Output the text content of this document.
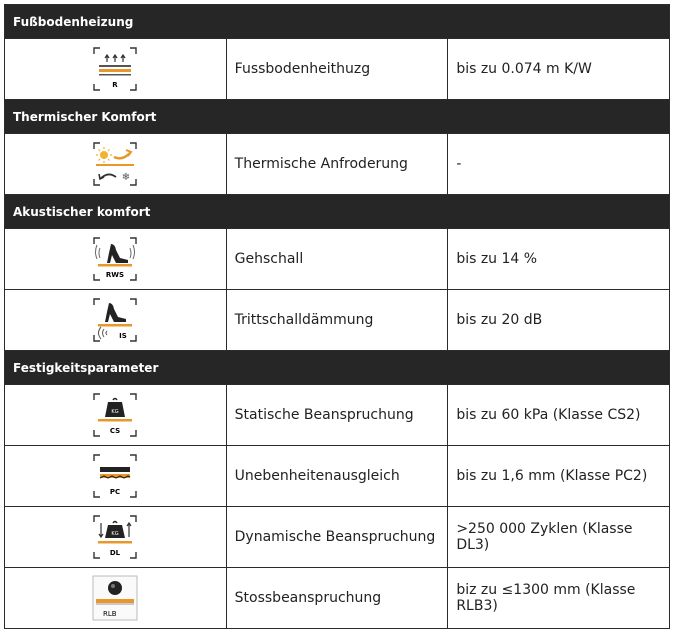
Fußbodenheizung		

R	Fussbodenheithuzg	bis zu 0.074 m K/W
Thermischer Komfort		

❄	Thermische Anfroderung	-
Akustischer komfort		

RWS	Gehschall	bis zu 14 %

IS	Trittschalldämmung	bis zu 20 dB
Festigkeitsparameter		

KG
CS	Statische Beanspruchung	bis zu 60 kPa (Klasse CS2)

PC	Unebenheitenausgleich	bis zu 1,6 mm (Klasse PC2)

KG
DL	Dynamische Beanspruchung	>250 000 Zyklen (Klasse DL3)

RLB	Stossbeanspruchung	biz zu ≤1300 mm (Klasse RLB3)
